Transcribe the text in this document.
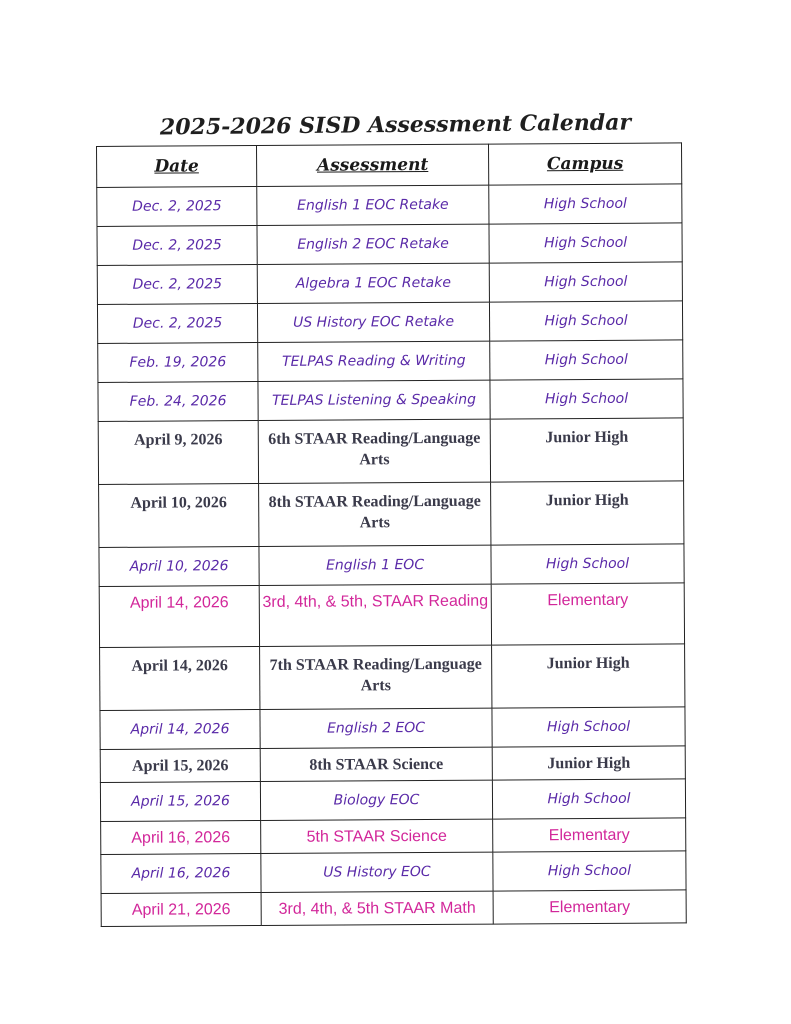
2025-2026 SISD Assessment Calendar
Date	Assessment	Campus
Dec. 2, 2025	English 1 EOC Retake	High School
Dec. 2, 2025	English 2 EOC Retake	High School
Dec. 2, 2025	Algebra 1 EOC Retake	High School
Dec. 2, 2025	US History EOC Retake	High School
Feb. 19, 2026	TELPAS Reading & Writing	High School
Feb. 24, 2026	TELPAS Listening & Speaking	High School
April 9, 2026	6th STAAR Reading/Language Arts	Junior High
April 10, 2026	8th STAAR Reading/Language Arts	Junior High
April 10, 2026	English 1 EOC	High School
April 14, 2026	3rd, 4th, & 5th, STAAR Reading	Elementary
April 14, 2026	7th STAAR Reading/Language Arts	Junior High
April 14, 2026	English 2 EOC	High School
April 15, 2026	8th STAAR Science	Junior High
April 15, 2026	Biology EOC	High School
April 16, 2026	5th STAAR Science	Elementary
April 16, 2026	US History EOC	High School
April 21, 2026	3rd, 4th, & 5th STAAR Math	Elementary
